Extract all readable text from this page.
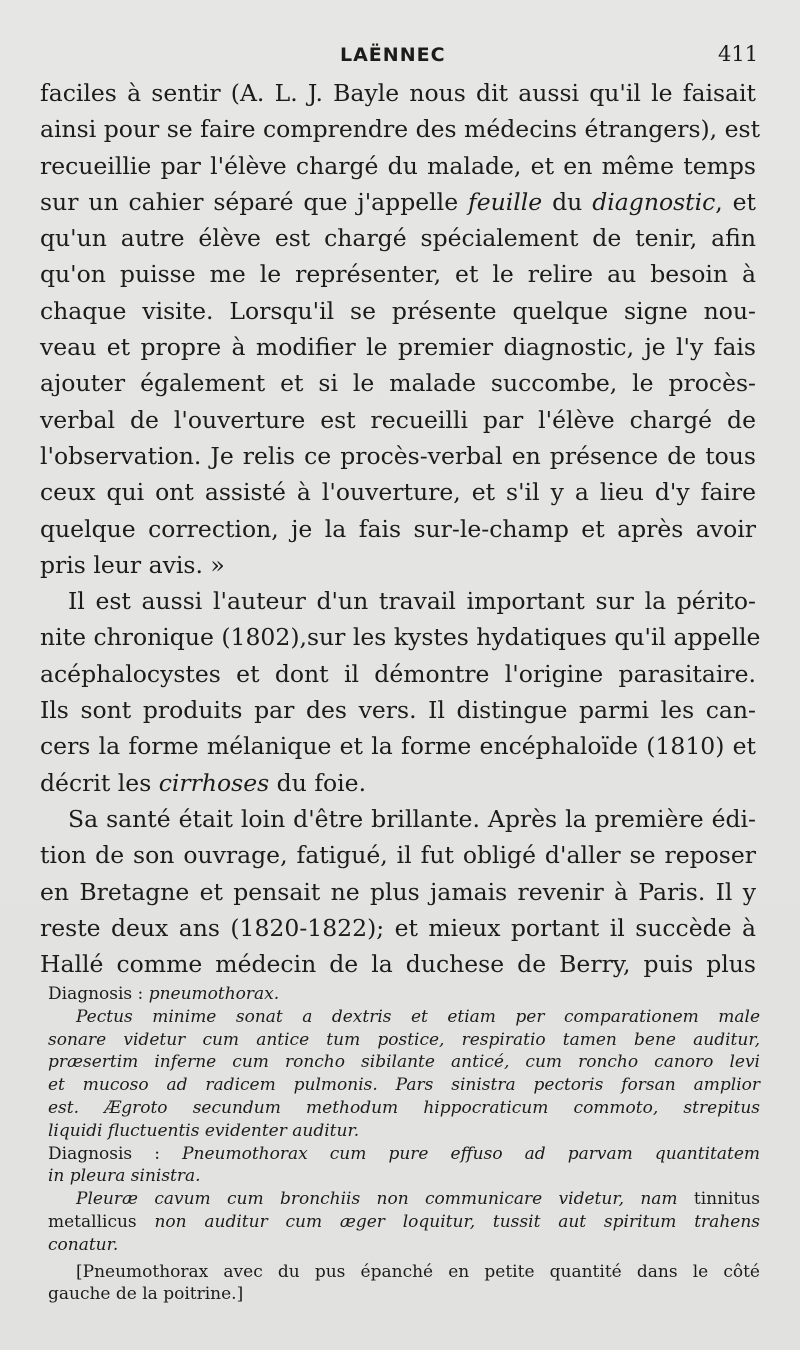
LAËNNEC	411
faciles à sentir (A. L. J. Bayle nous dit aussi qu'il le faisait
ainsi pour se faire comprendre des médecins étrangers), est
recueillie par l'élève chargé du malade, et en même temps
sur un cahier séparé que j'appelle feuille du diagnostic, et
qu'un autre élève est chargé spécialement de tenir, afin
qu'on puisse me le représenter, et le relire au besoin à
chaque visite. Lorsqu'il se présente quelque signe nou-
veau et propre à modifier le premier diagnostic, je l'y fais
ajouter également et si le malade succombe, le procès-
verbal de l'ouverture est recueilli par l'élève chargé de
l'observation. Je relis ce procès-verbal en présence de tous
ceux qui ont assisté à l'ouverture, et s'il y a lieu d'y faire
quelque correction, je la fais sur-le-champ et après avoir
pris leur avis. »
Il est aussi l'auteur d'un travail important sur la périto-
nite chronique (1802),sur les kystes hydatiques qu'il appelle
acéphalocystes et dont il démontre l'origine parasitaire.
Ils sont produits par des vers. Il distingue parmi les can-
cers la forme mélanique et la forme encéphaloïde (1810) et
décrit les cirrhoses du foie.
Sa santé était loin d'être brillante. Après la première édi-
tion de son ouvrage, fatigué, il fut obligé d'aller se reposer
en Bretagne et pensait ne plus jamais revenir à Paris. Il y
reste deux ans (1820-1822); et mieux portant il succède à
Hallé comme médecin de la duchese de Berry, puis plus
Diagnosis : pneumothorax.
Pectus minime sonat a dextris et etiam per comparationem male
sonare videtur cum antice tum postice, respiratio tamen bene auditur,
præsertim inferne cum roncho sibilante anticé, cum roncho canoro levi
et mucoso ad radicem pulmonis. Pars sinistra pectoris forsan amplior
est. Ægroto secundum methodum hippocraticum commoto, strepitus
liquidi fluctuentis evidenter auditur.
Diagnosis : Pneumothorax cum pure effuso ad parvam quantitatem
in pleura sinistra.
Pleuræ cavum cum bronchiis non communicare videtur, nam tinnitus
metallicus non auditur cum æger loquitur, tussit aut spiritum trahens
conatur.
[Pneumothorax avec du pus épanché en petite quantité dans le côté
gauche de la poitrine.]
